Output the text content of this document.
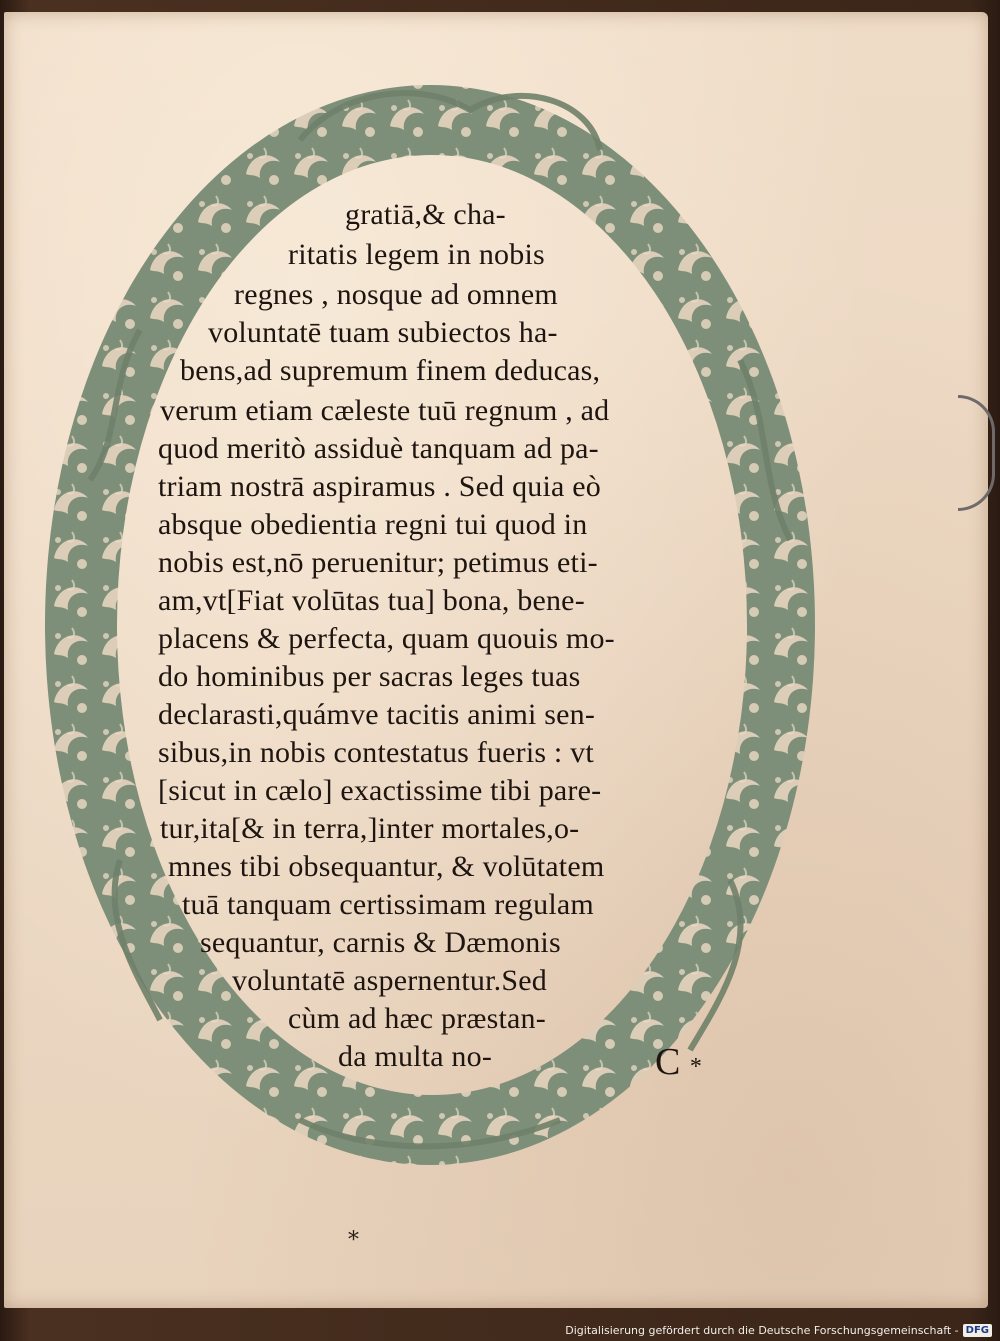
gratiā,& cha-
ritatis legem in nobis
regnes , nosque ad omnem
voluntatē tuam subiectos ha-
bens,ad supremum finem deducas,
verum etiam cæleste tuū regnum , ad
quod meritò assiduè tanquam ad pa-
triam nostrā aspiramus . Sed quia eò
absque obedientia regni tui quod in
nobis est,nō peruenitur; petimus eti-
am,vt[Fiat volūtas tua] bona, bene-
placens & perfecta, quam quouis mo-
do hominibus per sacras leges tuas
declarasti,quámve tacitis animi sen-
sibus,in nobis contestatus fueris : vt
[sicut in cælo] exactissime tibi pare-
tur,ita[& in terra,]inter mortales,o-
mnes tibi obsequantur, & volūtatem
tuā tanquam certissimam regulam
sequantur, carnis & Dæmonis
voluntatē aspernentur.Sed
cùm ad hæc præstan-
da multa no-	C *
*
Digitalisierung gefördert durch die Deutsche Forschungsgemeinschaft - DFG
